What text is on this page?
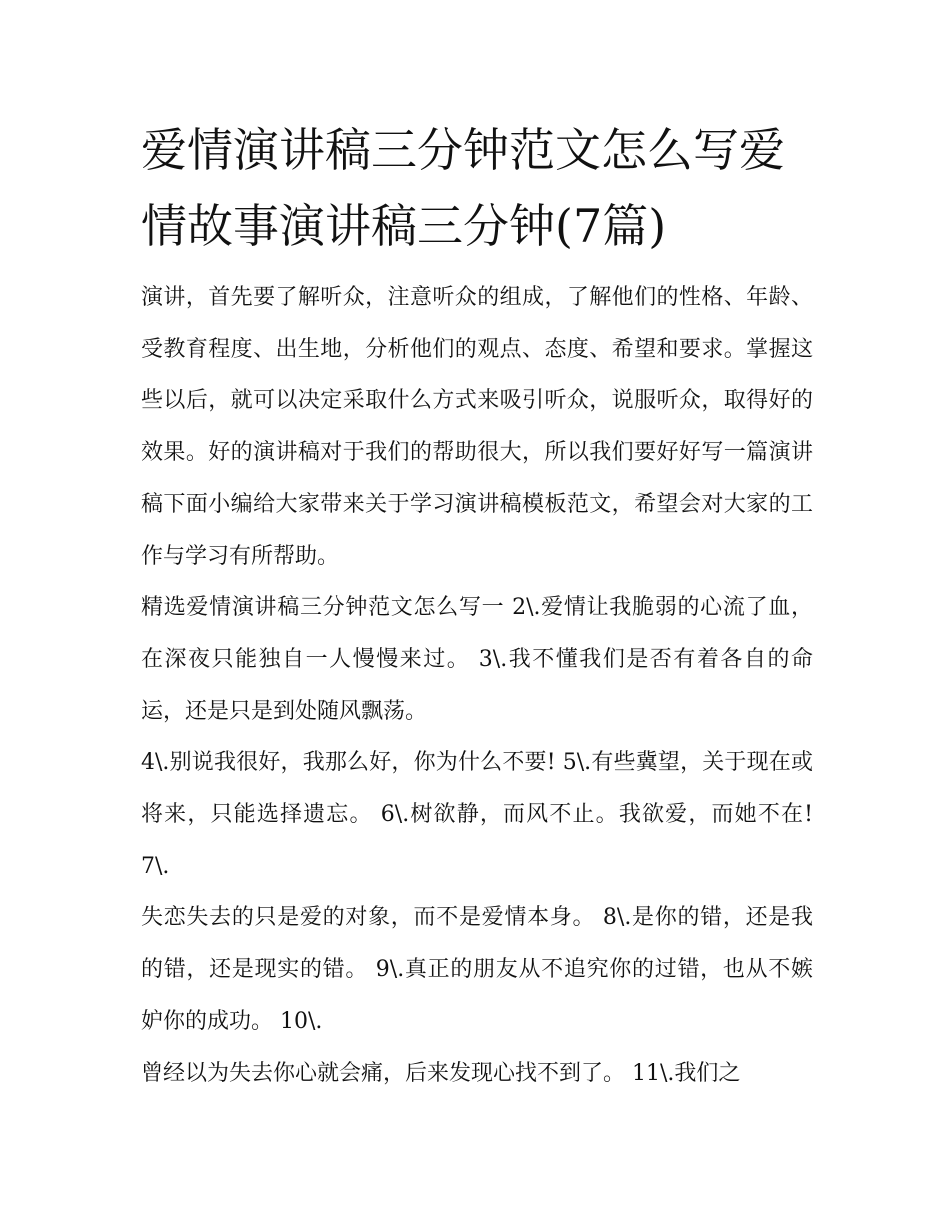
爱情演讲稿三分钟范文怎么写爱情故事演讲稿三分钟(7篇)

演讲，首先要了解听众，注意听众的组成，了解他们的性格、年龄、受教育程度、出生地，分析他们的观点、态度、希望和要求。掌握这些以后，就可以决定采取什么方式来吸引听众，说服听众，取得好的效果。好的演讲稿对于我们的帮助很大，所以我们要好好写一篇演讲稿下面小编给大家带来关于学习演讲稿模板范文，希望会对大家的工作与学习有所帮助。

精选爱情演讲稿三分钟范文怎么写一 2\.爱情让我脆弱的心流了血，在深夜只能独自一人慢慢来过。 3\.我不懂我们是否有着各自的命运，还是只是到处随风飘荡。

4\.别说我很好，我那么好，你为什么不要! 5\.有些冀望，关于现在或将来，只能选择遗忘。 6\.树欲静，而风不止。我欲爱，而她不在! 7\.

失恋失去的只是爱的对象，而不是爱情本身。 8\.是你的错，还是我的错，还是现实的错。 9\.真正的朋友从不追究你的过错，也从不嫉妒你的成功。 10\.

曾经以为失去你心就会痛，后来发现心找不到了。 11\.我们之
